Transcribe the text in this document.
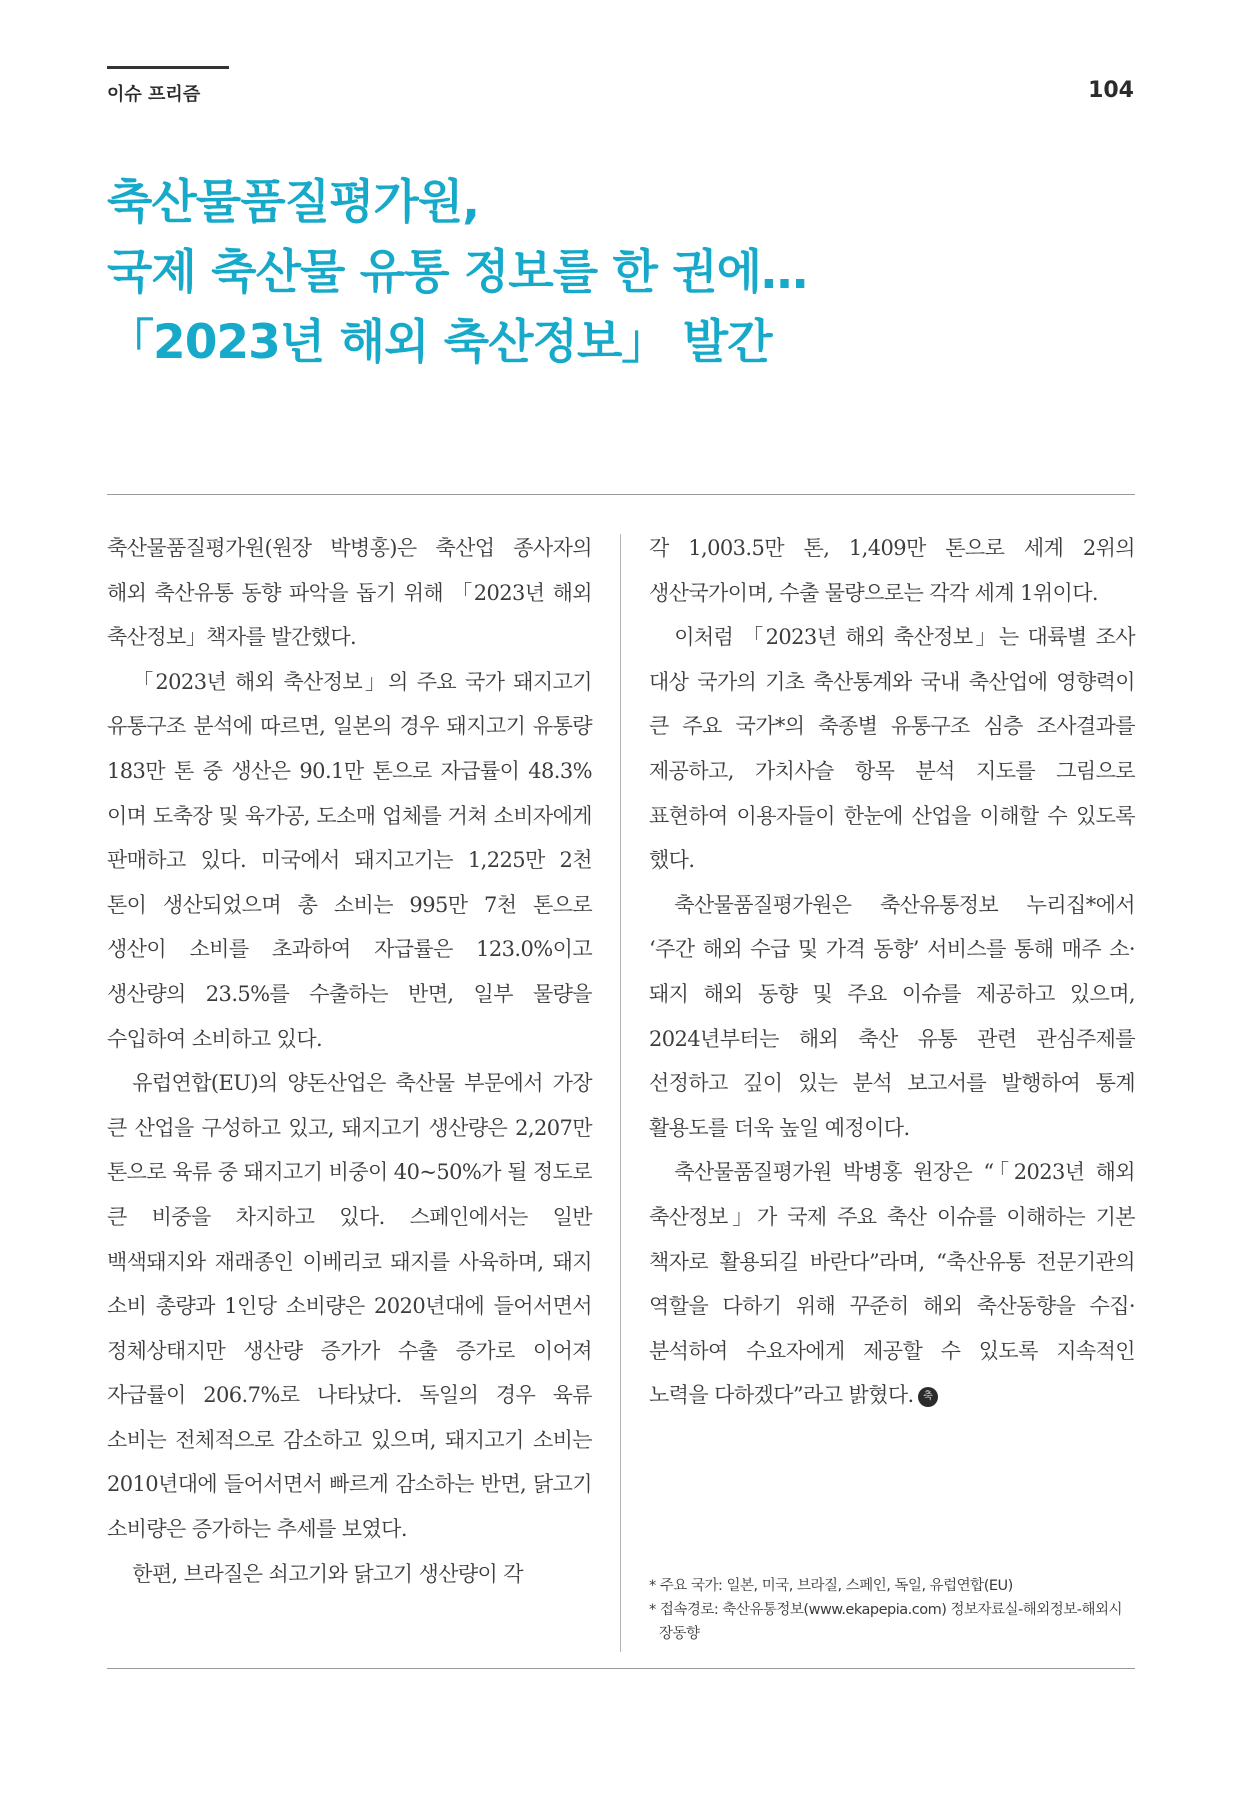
이슈 프리즘	104
축산물품질평가원,
국제 축산물 유통 정보를 한 권에…
「2023년 해외 축산정보」 발간

축산물품질평가원(원장 박병홍)은 축산업 종사자의 해외 축산유통 동향 파악을 돕기 위해 「2023년 해외 축산정보」책자를 발간했다.

「2023년 해외 축산정보」의 주요 국가 돼지고기 유통구조 분석에 따르면, 일본의 경우 돼지고기 유통량 183만 톤 중 생산은 90.1만 톤으로 자급률이 48.3%이며 도축장 및 육가공, 도소매 업체를 거쳐 소비자에게 판매하고 있다. 미국에서 돼지고기는 1,225만 2천 톤이 생산되었으며 총 소비는 995만 7천 톤으로 생산이 소비를 초과하여 자급률은 123.0%이고 생산량의 23.5%를 수출하는 반면, 일부 물량을 수입하여 소비하고 있다.

유럽연합(EU)의 양돈산업은 축산물 부문에서 가장 큰 산업을 구성하고 있고, 돼지고기 생산량은 2,207만 톤으로 육류 중 돼지고기 비중이 40~50%가 될 정도로 큰 비중을 차지하고 있다. 스페인에서는 일반 백색돼지와 재래종인 이베리코 돼지를 사육하며, 돼지 소비 총량과 1인당 소비량은 2020년대에 들어서면서 정체상태지만 생산량 증가가 수출 증가로 이어져 자급률이 206.7%로 나타났다. 독일의 경우 육류 소비는 전체적으로 감소하고 있으며, 돼지고기 소비는 2010년대에 들어서면서 빠르게 감소하는 반면, 닭고기 소비량은 증가하는 추세를 보였다.

한편, 브라질은 쇠고기와 닭고기 생산량이 각

각 1,003.5만 톤, 1,409만 톤으로 세계 2위의 생산국가이며, 수출 물량으로는 각각 세계 1위이다.

이처럼 「2023년 해외 축산정보」는 대륙별 조사 대상 국가의 기초 축산통계와 국내 축산업에 영향력이 큰 주요 국가*의 축종별 유통구조 심층 조사결과를 제공하고, 가치사슬 항목 분석 지도를 그림으로 표현하여 이용자들이 한눈에 산업을 이해할 수 있도록 했다.

축산물품질평가원은 축산유통정보 누리집*에서 ‘주간 해외 수급 및 가격 동향’ 서비스를 통해 매주 소·돼지 해외 동향 및 주요 이슈를 제공하고 있으며, 2024년부터는 해외 축산 유통 관련 관심주제를 선정하고 깊이 있는 분석 보고서를 발행하여 통계 활용도를 더욱 높일 예정이다.

축산물품질평가원 박병홍 원장은 “「2023년 해외 축산정보」가 국제 주요 축산 이슈를 이해하는 기본 책자로 활용되길 바란다”라며, “축산유통 전문기관의 역할을 다하기 위해 꾸준히 해외 축산동향을 수집·분석하여 수요자에게 제공할 수 있도록 지속적인 노력을 다하겠다”라고 밝혔다. 축

* 주요 국가: 일본, 미국, 브라질, 스페인, 독일, 유럽연합(EU)
* 접속경로: 축산유통정보(www.ekapepia.com) 정보자료실-해외정보-해외시장동향
